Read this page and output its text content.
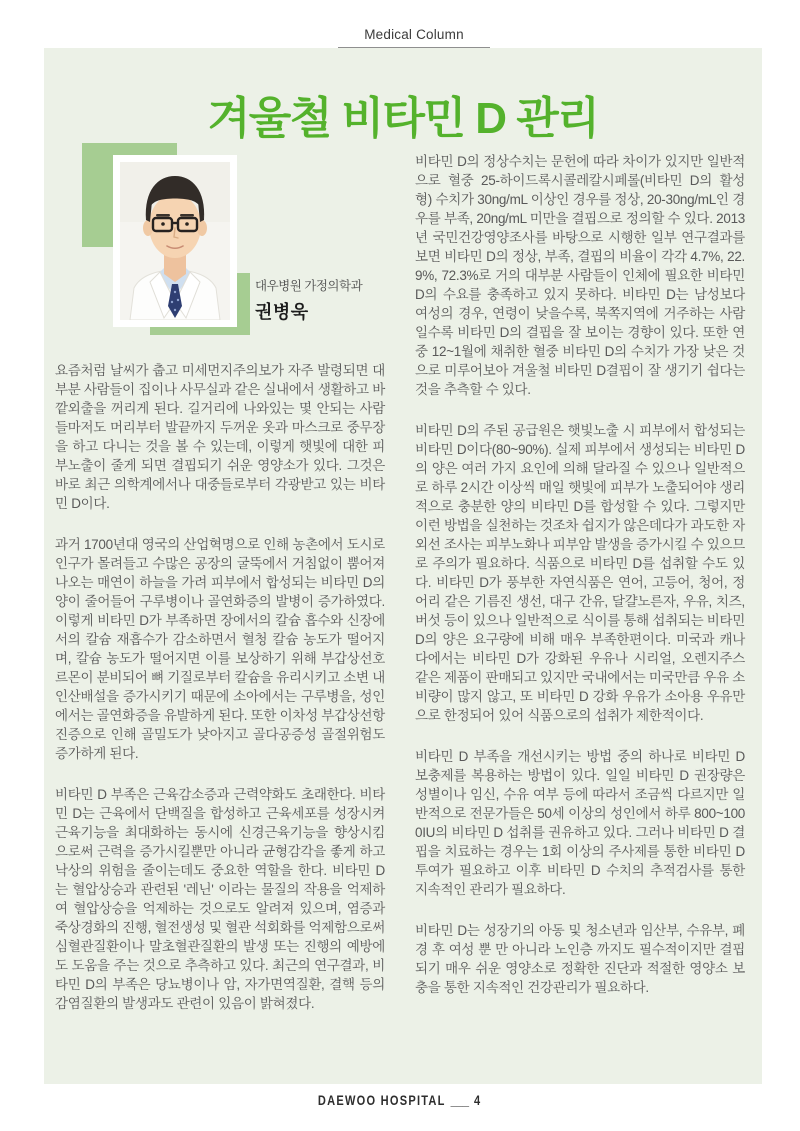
Medical Column
겨울철 비타민 D 관리
대우병원 가정의학과
권병욱

요즘처럼 날씨가 춥고 미세먼지주의보가 자주 발령되면 대부분 사람들이 집이나 사무실과 같은 실내에서 생활하고 바깥외출을 꺼리게 된다. 길거리에 나와있는 몇 안되는 사람들마저도 머리부터 발끝까지 두꺼운 옷과 마스크로 중무장을 하고 다니는 것을 볼 수 있는데, 이렇게 햇빛에 대한 피부노출이 줄게 되면 결핍되기 쉬운 영양소가 있다. 그것은 바로 최근 의학계에서나 대중들로부터 각광받고 있는 비타민 D이다.

과거 1700년대 영국의 산업혁명으로 인해 농촌에서 도시로 인구가 몰려들고 수많은 공장의 굴뚝에서 거침없이 뿜어져 나오는 매연이 하늘을 가려 피부에서 합성되는 비타민 D의 양이 줄어들어 구루병이나 골연화증의 발병이 증가하였다. 이렇게 비타민 D가 부족하면 장에서의 칼슘 흡수와 신장에서의 칼슘 재흡수가 감소하면서 혈청 칼슘 농도가 떨어지며, 칼슘 농도가 떨어지면 이를 보상하기 위해 부갑상선호르몬이 분비되어 뼈 기질로부터 칼슘을 유리시키고 소변 내 인산배설을 증가시키기 때문에 소아에서는 구루병을, 성인에서는 골연화증을 유발하게 된다. 또한 이차성 부갑상선항진증으로 인해 골밀도가 낮아지고 골다공증성 골절위험도 증가하게 된다.

비타민 D 부족은 근육감소증과 근력약화도 초래한다. 비타민 D는 근육에서 단백질을 합성하고 근육세포를 성장시켜 근육기능을 최대화하는 동시에 신경근육기능을 향상시킴으로써 근력을 증가시킬뿐만 아니라 균형감각을 좋게 하고 낙상의 위험을 줄이는데도 중요한 역할을 한다. 비타민 D는 혈압상승과 관련된 '레닌' 이라는 물질의 작용을 억제하여 혈압상승을 억제하는 것으로도 알려져 있으며, 염증과 죽상경화의 진행, 혈전생성 및 혈관 석회화를 억제함으로써 심혈관질환이나 말초혈관질환의 발생 또는 진행의 예방에도 도움을 주는 것으로 추측하고 있다. 최근의 연구결과, 비타민 D의 부족은 당뇨병이나 암, 자가면역질환, 결핵 등의 감염질환의 발생과도 관련이 있음이 밝혀졌다.

비타민 D의 정상수치는 문헌에 따라 차이가 있지만 일반적으로 혈중 25-하이드록시콜레칼시페롤(비타민 D의 활성형) 수치가 30ng/mL 이상인 경우를 정상, 20-30ng/mL인 경우를 부족, 20ng/mL 미만을 결핍으로 정의할 수 있다. 2013년 국민건강영양조사를 바탕으로 시행한 일부 연구결과를 보면 비타민 D의 정상, 부족, 결핍의 비율이 각각 4.7%, 22.9%, 72.3%로 거의 대부분 사람들이 인체에 필요한 비타민 D의 수요를 충족하고 있지 못하다. 비타민 D는 남성보다 여성의 경우, 연령이 낮을수록, 북쪽지역에 거주하는 사람일수록 비타민 D의 결핍을 잘 보이는 경향이 있다. 또한 연중 12~1월에 채취한 혈중 비타민 D의 수치가 가장 낮은 것으로 미루어보아 겨울철 비타민 D결핍이 잘 생기기 쉽다는 것을 추측할 수 있다.

비타민 D의 주된 공급원은 햇빛노출 시 피부에서 합성되는 비타민 D이다(80~90%). 실제 피부에서 생성되는 비타민 D의 양은 여러 가지 요인에 의해 달라질 수 있으나 일반적으로 하루 2시간 이상씩 매일 햇빛에 피부가 노출되어야 생리적으로 충분한 양의 비타민 D를 합성할 수 있다. 그렇지만 이런 방법을 실천하는 것조차 쉽지가 않은데다가 과도한 자외선 조사는 피부노화나 피부암 발생을 증가시킬 수 있으므로 주의가 필요하다. 식품으로 비타민 D를 섭취할 수도 있다. 비타민 D가 풍부한 자연식품은 연어, 고등어, 청어, 정어리 같은 기름진 생선, 대구 간유, 달걀노른자, 우유, 치즈, 버섯 등이 있으나 일반적으로 식이를 통해 섭취되는 비타민 D의 양은 요구량에 비해 매우 부족한편이다. 미국과 캐나다에서는 비타민 D가 강화된 우유나 시리얼, 오렌지주스 같은 제품이 판매되고 있지만 국내에서는 미국만큼 우유 소비량이 많지 않고, 또 비타민 D 강화 우유가 소아용 우유만으로 한정되어 있어 식품으로의 섭취가 제한적이다.

비타민 D 부족을 개선시키는 방법 중의 하나로 비타민 D 보충제를 복용하는 방법이 있다. 일일 비타민 D 권장량은 성별이나 임신, 수유 여부 등에 따라서 조금씩 다르지만 일반적으로 전문가들은 50세 이상의 성인에서 하루 800~1000IU의 비타민 D 섭취를 권유하고 있다. 그러나 비타민 D 결핍을 치료하는 경우는 1회 이상의 주사제를 통한 비타민 D 투여가 필요하고 이후 비타민 D 수치의 추적검사를 통한 지속적인 관리가 필요하다.

비타민 D는 성장기의 아동 및 청소년과 임산부, 수유부, 폐경 후 여성 뿐 만 아니라 노인층 까지도 필수적이지만 결핍되기 매우 쉬운 영양소로 정확한 진단과 적절한 영양소 보충을 통한 지속적인 건강관리가 필요하다.

DAEWOO HOSPITAL ___ 4
